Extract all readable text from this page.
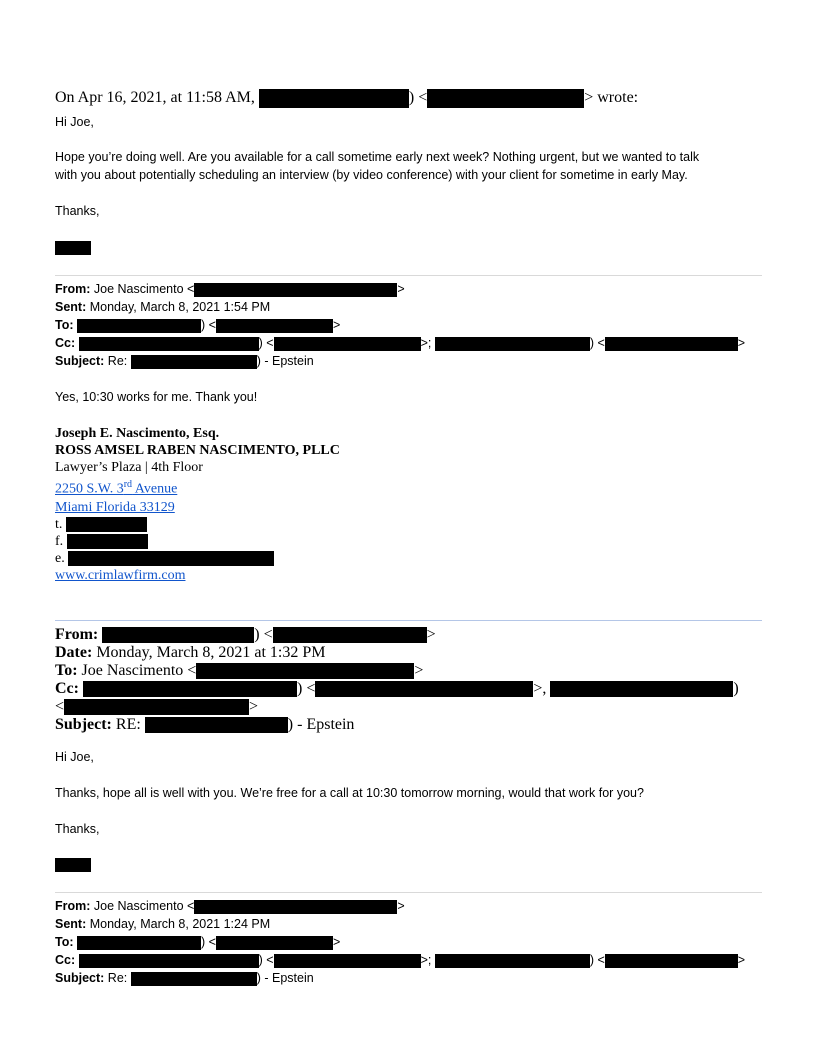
On Apr 16, 2021, at 11:58 AM,	) <	> wrote:
Hi Joe,
Hope you’re doing well. Are you available for a call sometime early next week? Nothing urgent, but we wanted to talk
with you about potentially scheduling an interview (by video conference) with your client for sometime in early May.
Thanks,
From: Joe Nascimento <	>
Sent: Monday, March 8, 2021 1:54 PM
To:	) <	>
Cc:	) <	>;	) <	>
Subject: Re:	) - Epstein
Yes, 10:30 works for me. Thank you!
Joseph E. Nascimento, Esq.
ROSS AMSEL RABEN NASCIMENTO, PLLC
Lawyer’s Plaza | 4th Floor
2250 S.W. 3rd Avenue
Miami Florida 33129
t.
f.
e.
www.crimlawfirm.com
From:	) <	>
Date: Monday, March 8, 2021 at 1:32 PM
To: Joe Nascimento <	>
Cc:	) <	>,	)
<	>
Subject: RE:	) - Epstein
Hi Joe,
Thanks, hope all is well with you. We’re free for a call at 10:30 tomorrow morning, would that work for you?
Thanks,
From: Joe Nascimento <	>
Sent: Monday, March 8, 2021 1:24 PM
To:	) <	>
Cc:	) <	>;	) <	>
Subject: Re:	) - Epstein
